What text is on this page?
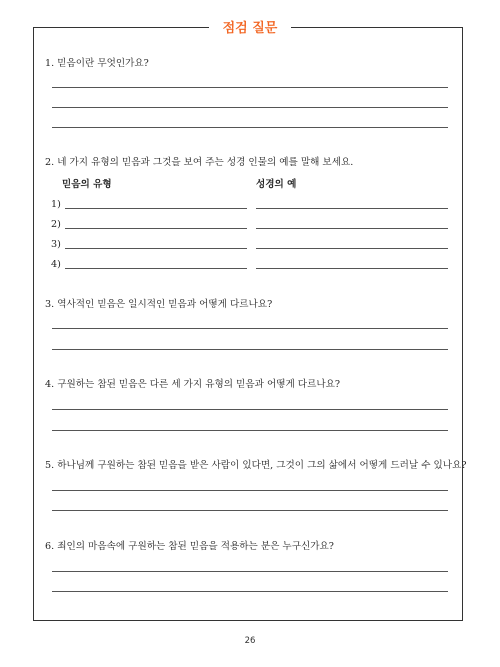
점검 질문
1. 믿음이란 무엇인가요?
2. 네 가지 유형의 믿음과 그것을 보여 주는 성경 인물의 예를 말해 보세요.
믿음의 유형	성경의 예
1)
2)
3)
4)
3. 역사적인 믿음은 일시적인 믿음과 어떻게 다르나요?
4. 구원하는 참된 믿음은 다른 세 가지 유형의 믿음과 어떻게 다르나요?
5. 하나님께 구원하는 참된 믿음을 받은 사람이 있다면, 그것이 그의 삶에서 어떻게 드러날 수 있나요?
6. 죄인의 마음속에 구원하는 참된 믿음을 적용하는 분은 누구신가요?
26
